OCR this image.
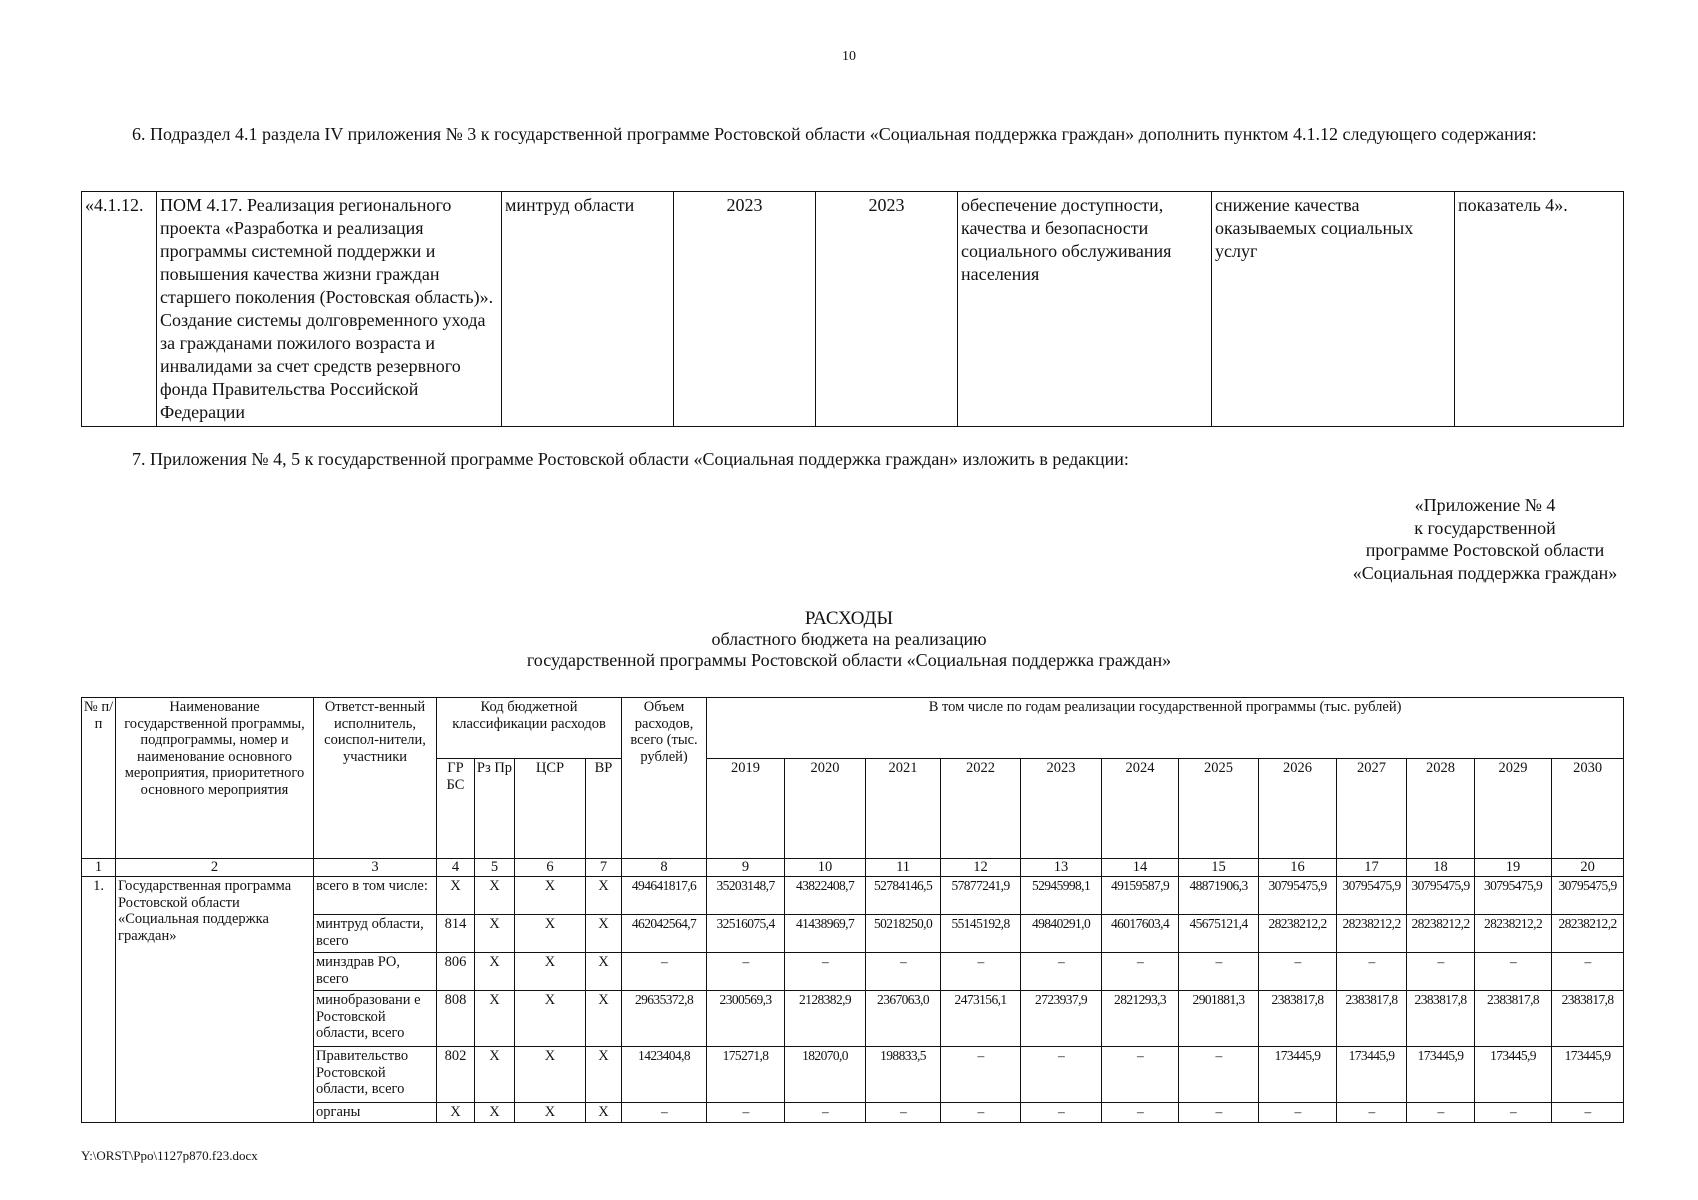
10
6. Подраздел 4.1 раздела IV приложения № 3 к государственной программе Ростовской области «Социальная поддержка граждан» дополнить пунктом 4.1.12 следующего содержания:
«4.1.12.	ПОМ 4.17. Реализация регионального проекта «Разработка и реализация программы системной поддержки и повышения качества жизни граждан старшего поколения (Ростовская область)». Создание системы долговременного ухода за гражданами пожилого возраста и инвалидами за счет средств резервного фонда Правительства Российской Федерации	минтруд области	2023	2023	обеспечение доступности, качества и безопасности социального обслуживания населения	снижение качества оказываемых социальных услуг	показатель 4».
7. Приложения № 4, 5 к государственной программе Ростовской области «Социальная поддержка граждан» изложить в редакции:
«Приложение № 4
к государственной
программе Ростовской области
«Социальная поддержка граждан»
РАСХОДЫ
областного бюджета на реализацию
государственной программы Ростовской области «Социальная поддержка граждан»
№ п/п	Наименование государственной программы, подпрограммы, номер и наименование основного мероприятия, приоритетного основного мероприятия	Ответст-венный исполнитель, соиспол-нители, участники	Код бюджетной классификации расходов				Объем расходов, всего (тыс. рублей)	В том числе по годам реализации государственной программы (тыс. рублей)											
			ГР БС	Рз Пр	ЦСР	ВР		2019	2020	2021	2022	2023	2024	2025	2026	2027	2028	2029	2030
1	2	3	4	5	6	7	8	9	10	11	12	13	14	15	16	17	18	19	20
1.	Государственная программа Ростовской области «Социальная поддержка граждан»	всего в том числе:	X	X	X	X	494641817,6	35203148,7	43822408,7	52784146,5	57877241,9	52945998,1	49159587,9	48871906,3	30795475,9	30795475,9	30795475,9	30795475,9	30795475,9
		минтруд области, всего	814	X	X	X	462042564,7	32516075,4	41438969,7	50218250,0	55145192,8	49840291,0	46017603,4	45675121,4	28238212,2	28238212,2	28238212,2	28238212,2	28238212,2
		минздрав РО, всего	806	X	X	X	–	–	–	–	–	–	–	–	–	–	–	–	–
		минобразовани е Ростовской области, всего	808	X	X	X	29635372,8	2300569,3	2128382,9	2367063,0	2473156,1	2723937,9	2821293,3	2901881,3	2383817,8	2383817,8	2383817,8	2383817,8	2383817,8
		Правительство Ростовской области, всего	802	X	X	X	1423404,8	175271,8	182070,0	198833,5	–	–	–	–	173445,9	173445,9	173445,9	173445,9	173445,9
		органы	X	X	X	X	–	–	–	–	–	–	–	–	–	–	–	–	–
Y:\ORST\Ppo\1127p870.f23.docx
